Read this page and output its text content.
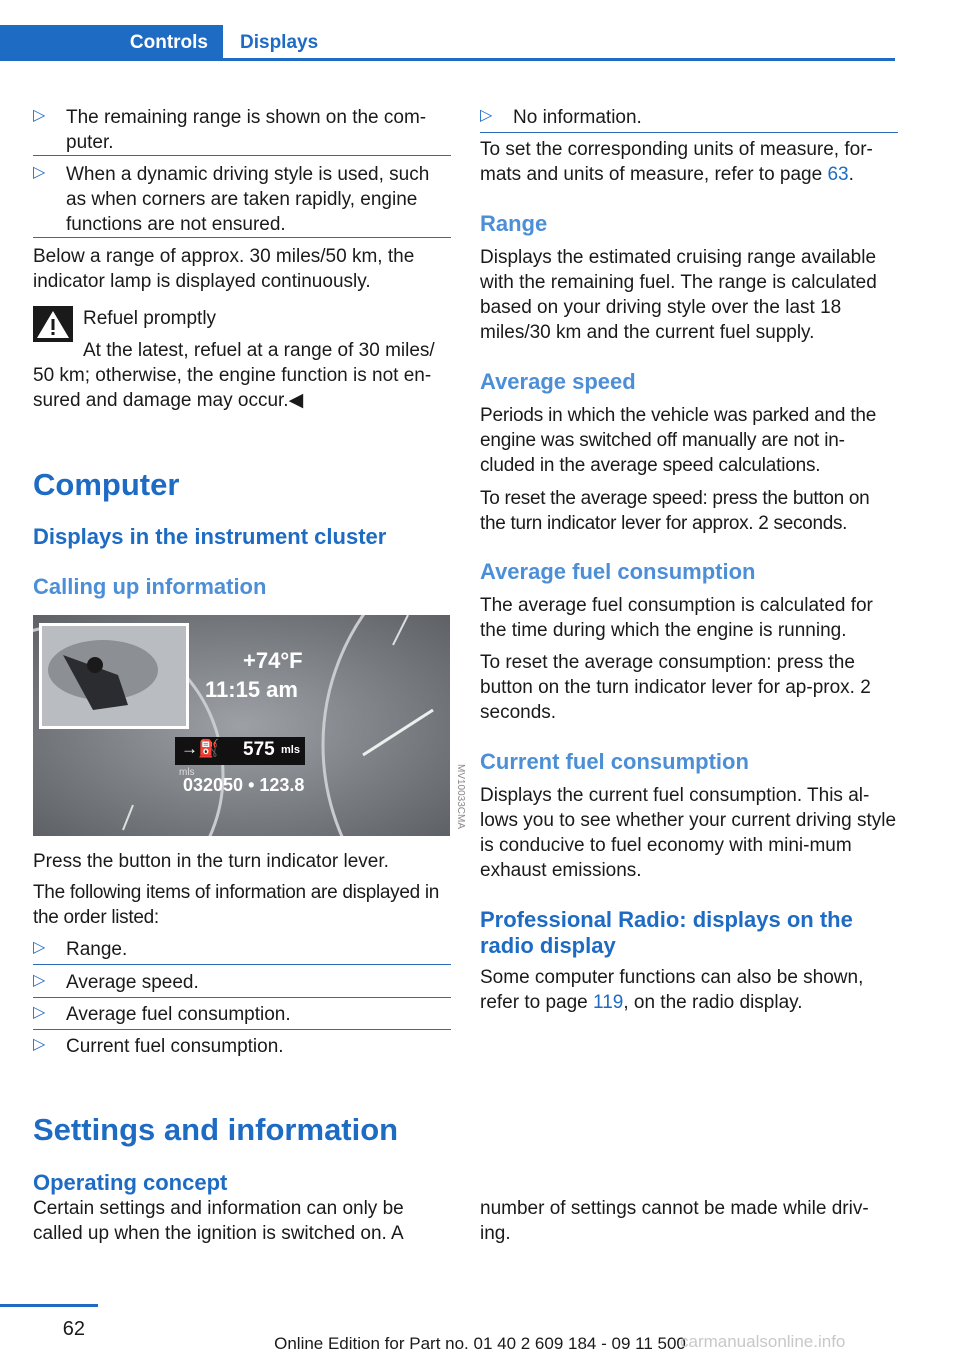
Controls	Displays
▷ The remaining range is shown on the com-puter.

▷ When a dynamic driving style is used, such as when corners are taken rapidly, engine functions are not ensured.

Below a range of approx. 30 miles/50 km, the indicator lamp is displayed continuously.

Refuel promptly

At the latest, refuel at a range of 30 miles/ 50 km; otherwise, the engine function is not en-sured and damage may occur.◀

Computer
Displays in the instrument cluster
Calling up information
+74°F
11:15 am
→⛽ 575 mls
mls
032050 • 123.8	MV10033CMA

Press the button in the turn indicator lever.

The following items of information are displayed in the order listed:

▷ Range.

▷ Average speed.

▷ Average fuel consumption.

▷ Current fuel consumption.

▷ No information.

To set the corresponding units of measure, for-mats and units of measure, refer to page 63.

Range

Displays the estimated cruising range available with the remaining fuel. The range is calculated based on your driving style over the last 18 miles/30 km and the current fuel supply.

Average speed

Periods in which the vehicle was parked and the engine was switched off manually are not in-cluded in the average speed calculations.

To reset the average speed: press the button on the turn indicator lever for approx. 2 seconds.

Average fuel consumption

The average fuel consumption is calculated for the time during which the engine is running.

To reset the average consumption: press the button on the turn indicator lever for ap-prox. 2 seconds.

Current fuel consumption

Displays the current fuel consumption. This al-lows you to see whether your current driving style is conducive to fuel economy with mini-mum exhaust emissions.

Professional Radio: displays on the radio display

Some computer functions can also be shown, refer to page 119, on the radio display.

Settings and information
Operating concept

Certain settings and information can only be called up when the ignition is switched on. A

number of settings cannot be made while driv-ing.

62
Online Edition for Part no. 01 40 2 609 184 - 09 11 500
carmanualsonline.info
